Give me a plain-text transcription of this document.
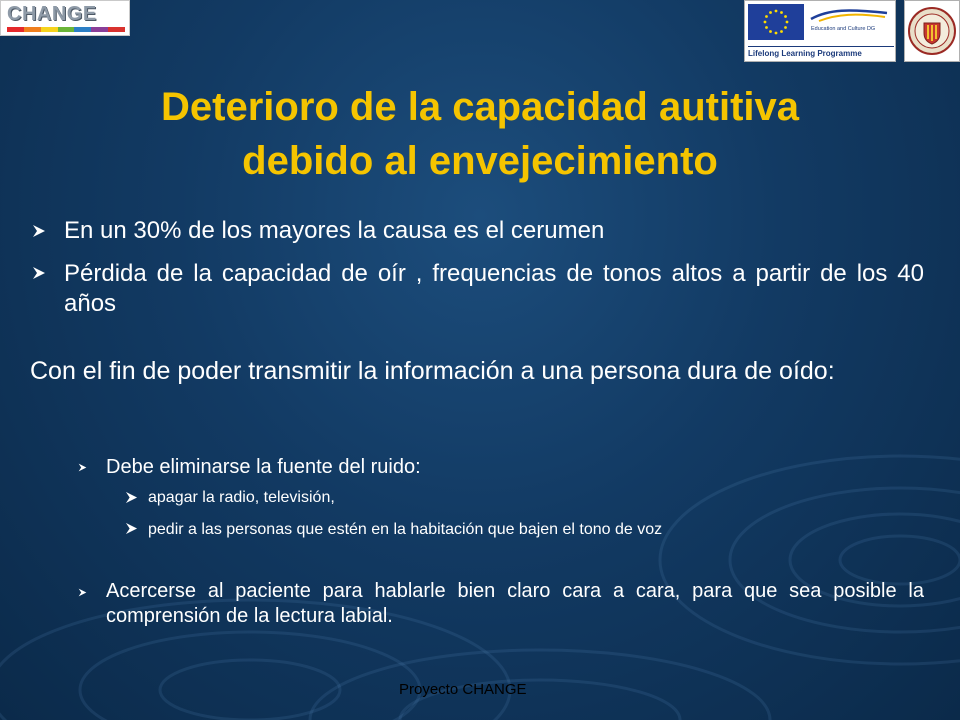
CHANGE
Education and Culture DG
Lifelong Learning Programme
Deterioro de la capacidad autitiva
debido al envejecimiento

En un 30% de los mayores la causa es el cerumen

Pérdida de la capacidad de oír , frequencias de tonos altos a partir de los 40 años

Con el fin de poder transmitir la información a una persona dura de oído:

Debe eliminarse la fuente del ruido:

apagar la radio, televisión,

pedir a las personas que estén en la habitación que bajen el tono de voz

Acercerse al paciente para hablarle bien claro cara a cara, para que sea posible la comprensión de la lectura labial.

Proyecto CHANGE
